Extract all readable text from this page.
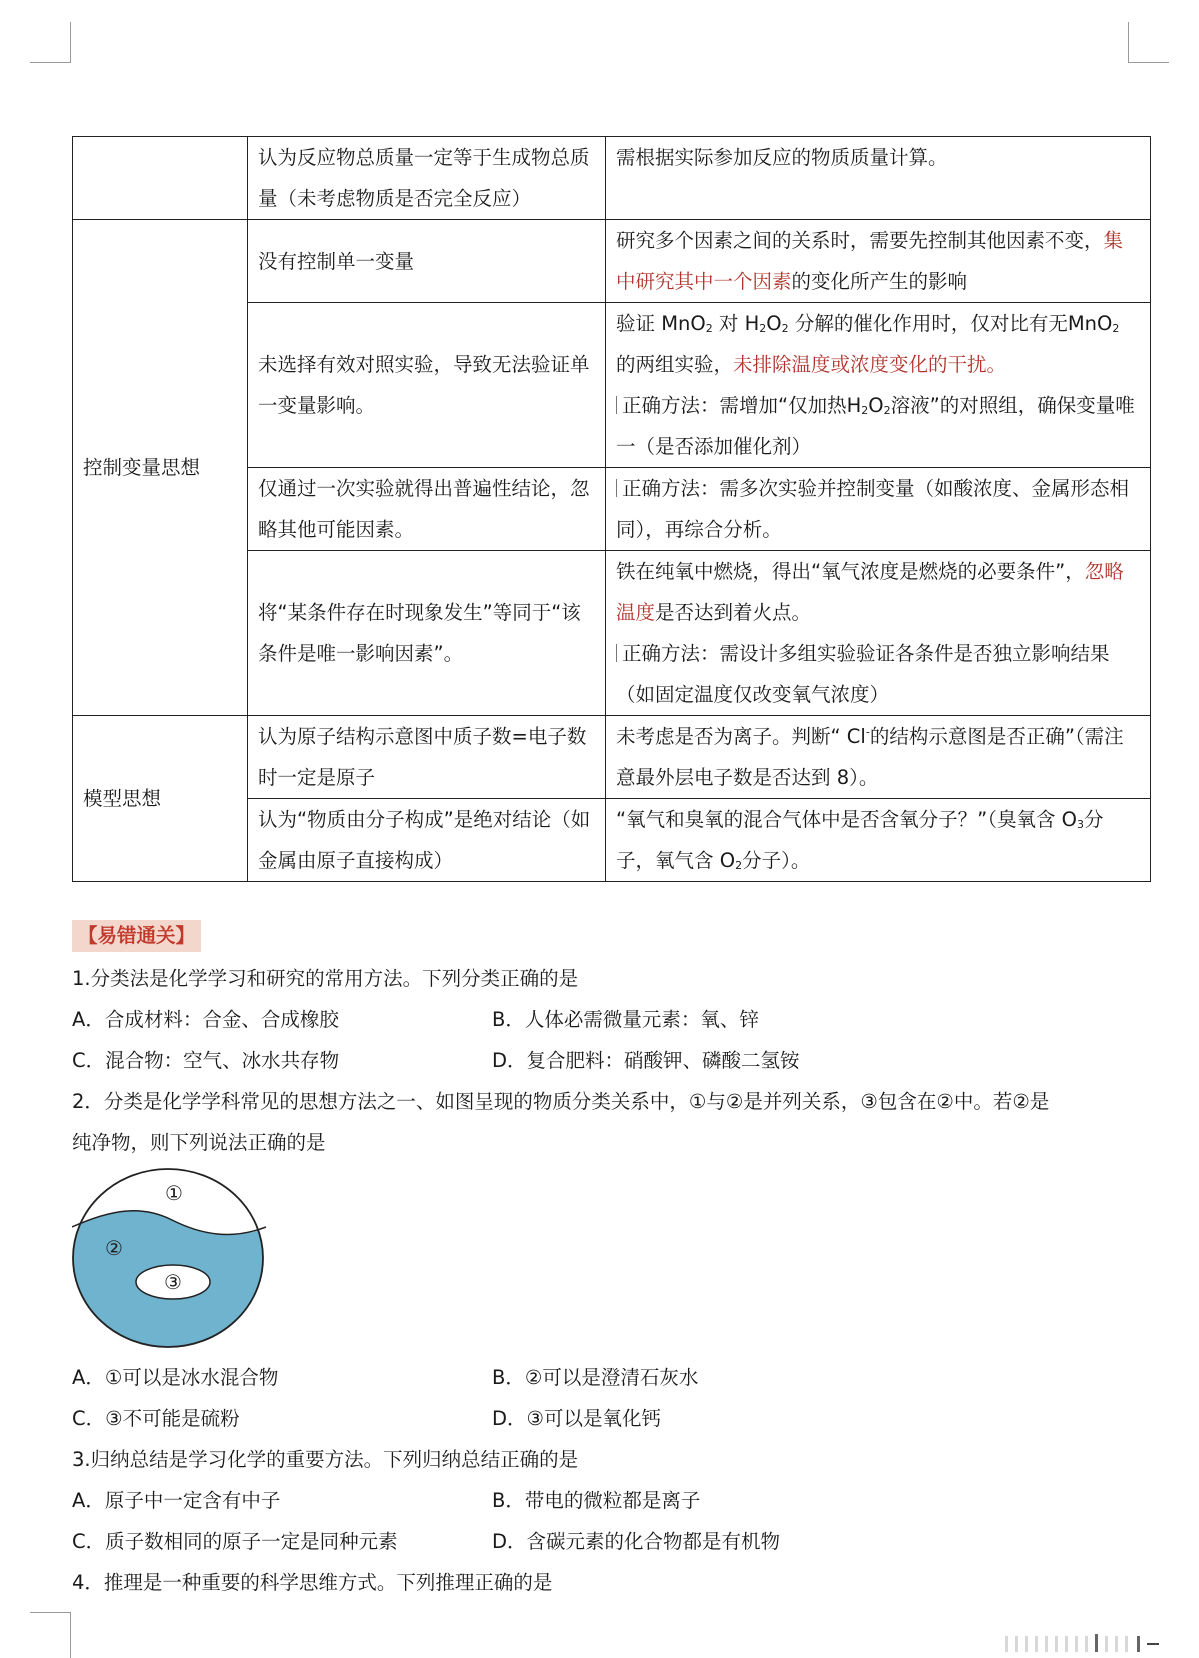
	认为反应物总质量一定等于生成物总质量（未考虑物质是否完全反应）	需根据实际参加反应的物质质量计算。
控制变量思想	没有控制单一变量	研究多个因素之间的关系时，需要先控制其他因素不变，集中研究其中一个因素的变化所产生的影响
	未选择有效对照实验，导致无法验证单一变量影响。	验证 MnO$_2$ 对 $H_2O_2$ 分解的催化作用时，仅对比有无MnO$_2$ 的两组实验，未排除温度或浓度变化的干扰。
正确方法：需增加“仅加热$H_2O_2$溶液”的对照组，确保变量唯一（是否添加催化剂）
	仅通过一次实验就得出普遍性结论，忽略其他可能因素。	正确方法：需多次实验并控制变量（如酸浓度、金属形态相同），再综合分析。
	将“某条件存在时现象发生”等同于“该条件是唯一影响因素”。	铁在纯氧中燃烧，得出“氧气浓度是燃烧的必要条件”，忽略温度是否达到着火点。
正确方法：需设计多组实验验证各条件是否独立影响结果（如固定温度仅改变氧气浓度）
模型思想	认为原子结构示意图中质子数=电子数时一定是原子	未考虑是否为离子。判断“ Cl-的结构示意图是否正确”（需注意最外层电子数是否达到 8）。
	认为“物质由分子构成”是绝对结论（如金属由原子直接构成）	“氧气和臭氧的混合气体中是否含氧分子？”（臭氧含 $O_3$分子，氧气含 $O_2$分子）。
【易错通关】
1.分类法是化学学习和研究的常用方法。下列分类正确的是
A．合成材料：合金、合成橡胶	B．人体必需微量元素：氧、锌
C．混合物：空气、冰水共存物	D．复合肥料：硝酸钾、磷酸二氢铵
2．分类是化学学科常见的思想方法之一、如图呈现的物质分类关系中，①与②是并列关系，③包含在②中。若②是
纯净物，则下列说法正确的是
①
②
③
A．①可以是冰水混合物	B．②可以是澄清石灰水
C．③不可能是硫粉	D．③可以是氧化钙
3.归纳总结是学习化学的重要方法。下列归纳总结正确的是
A．原子中一定含有中子	B．带电的微粒都是离子
C．质子数相同的原子一定是同种元素	D．含碳元素的化合物都是有机物
4．推理是一种重要的科学思维方式。下列推理正确的是
